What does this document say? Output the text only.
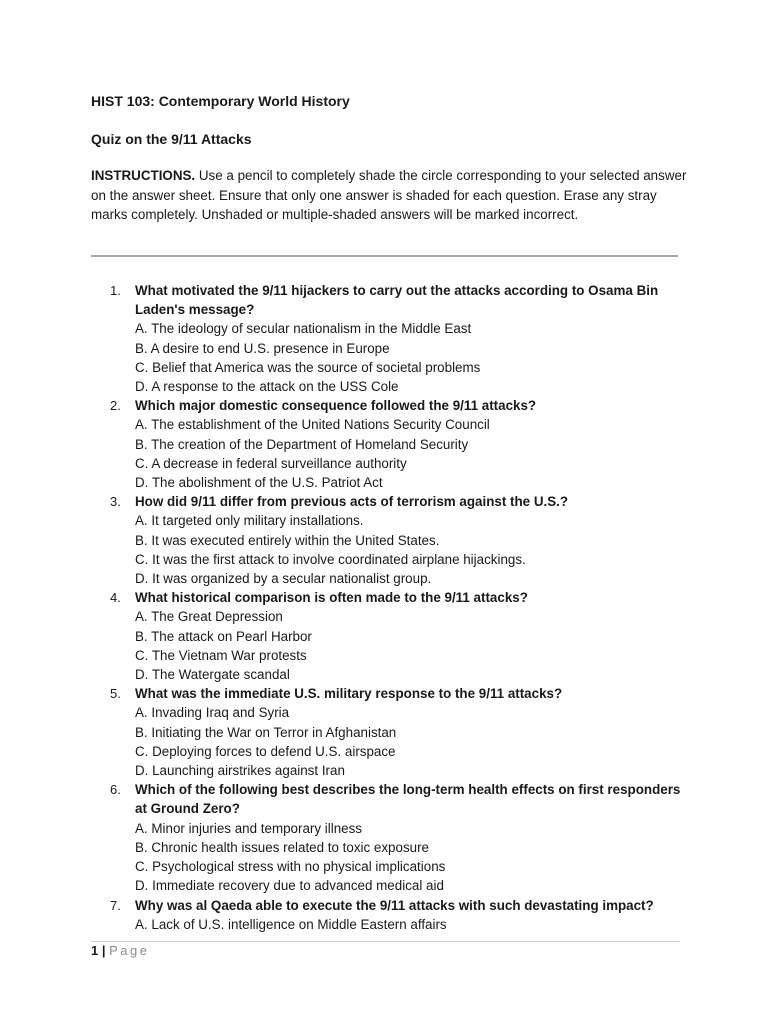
HIST 103: Contemporary World History
Quiz on the 9/11 Attacks
INSTRUCTIONS. Use a pencil to completely shade the circle corresponding to your selected answer on the answer sheet. Ensure that only one answer is shaded for each question. Erase any stray marks completely. Unshaded or multiple-shaded answers will be marked incorrect.
1. What motivated the 9/11 hijackers to carry out the attacks according to Osama Bin Laden's message?
A. The ideology of secular nationalism in the Middle East
B. A desire to end U.S. presence in Europe
C. Belief that America was the source of societal problems
D. A response to the attack on the USS Cole
2. Which major domestic consequence followed the 9/11 attacks?
A. The establishment of the United Nations Security Council
B. The creation of the Department of Homeland Security
C. A decrease in federal surveillance authority
D. The abolishment of the U.S. Patriot Act
3. How did 9/11 differ from previous acts of terrorism against the U.S.?
A. It targeted only military installations.
B. It was executed entirely within the United States.
C. It was the first attack to involve coordinated airplane hijackings.
D. It was organized by a secular nationalist group.
4. What historical comparison is often made to the 9/11 attacks?
A. The Great Depression
B. The attack on Pearl Harbor
C. The Vietnam War protests
D. The Watergate scandal
5. What was the immediate U.S. military response to the 9/11 attacks?
A. Invading Iraq and Syria
B. Initiating the War on Terror in Afghanistan
C. Deploying forces to defend U.S. airspace
D. Launching airstrikes against Iran
6. Which of the following best describes the long-term health effects on first responders at Ground Zero?
A. Minor injuries and temporary illness
B. Chronic health issues related to toxic exposure
C. Psychological stress with no physical implications
D. Immediate recovery due to advanced medical aid
7. Why was al Qaeda able to execute the 9/11 attacks with such devastating impact?
A. Lack of U.S. intelligence on Middle Eastern affairs
1 | Page
